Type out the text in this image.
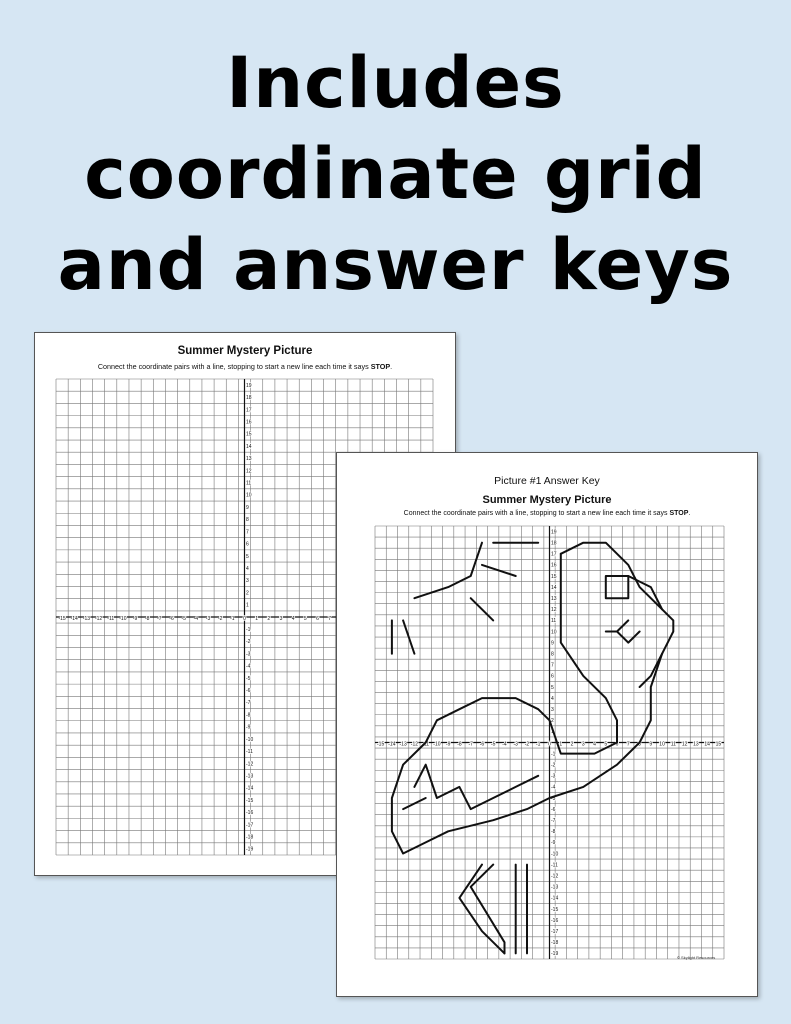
Includes
coordinate grid
and answer keys
Summer Mystery Picture
Connect the coordinate pairs with a line, stopping to start a new line each time it says STOP.
-15 -14 -13 -12 -11 -10 -9 -8 -7 -6 -5 -4 -3 -2 -1 0 1 2 3 4 5 6 7
-19
-18
-17
-16
-15
-14
-13
-12
-11
-10
-9
-8
-7
-6
-5
-4
-3
-2
-1
1
2
3
4
5
6
7
8
9
10
11
12
13
14
15
16
17
18
19
Picture #1 Answer Key
Summer Mystery Picture
Connect the coordinate pairs with a line, stopping to start a new line each time it says STOP.
-15 -14 -13 -12 -11 -10 -9 -8 -7 -6 -5 -4 -3 -2 -1 0 1 2 3 4 5 6 7 8 9 10 11 12 13 14 15
-19
-18
-17
-16
-15
-14
-13
-12
-11
-10
-9
-8
-7
-6
-5
-4
-3
-2
-1
1
2
3
4
5
6
7
8
9
10
11
12
13
14
15
16
17
18
19
© Skylight Resources
